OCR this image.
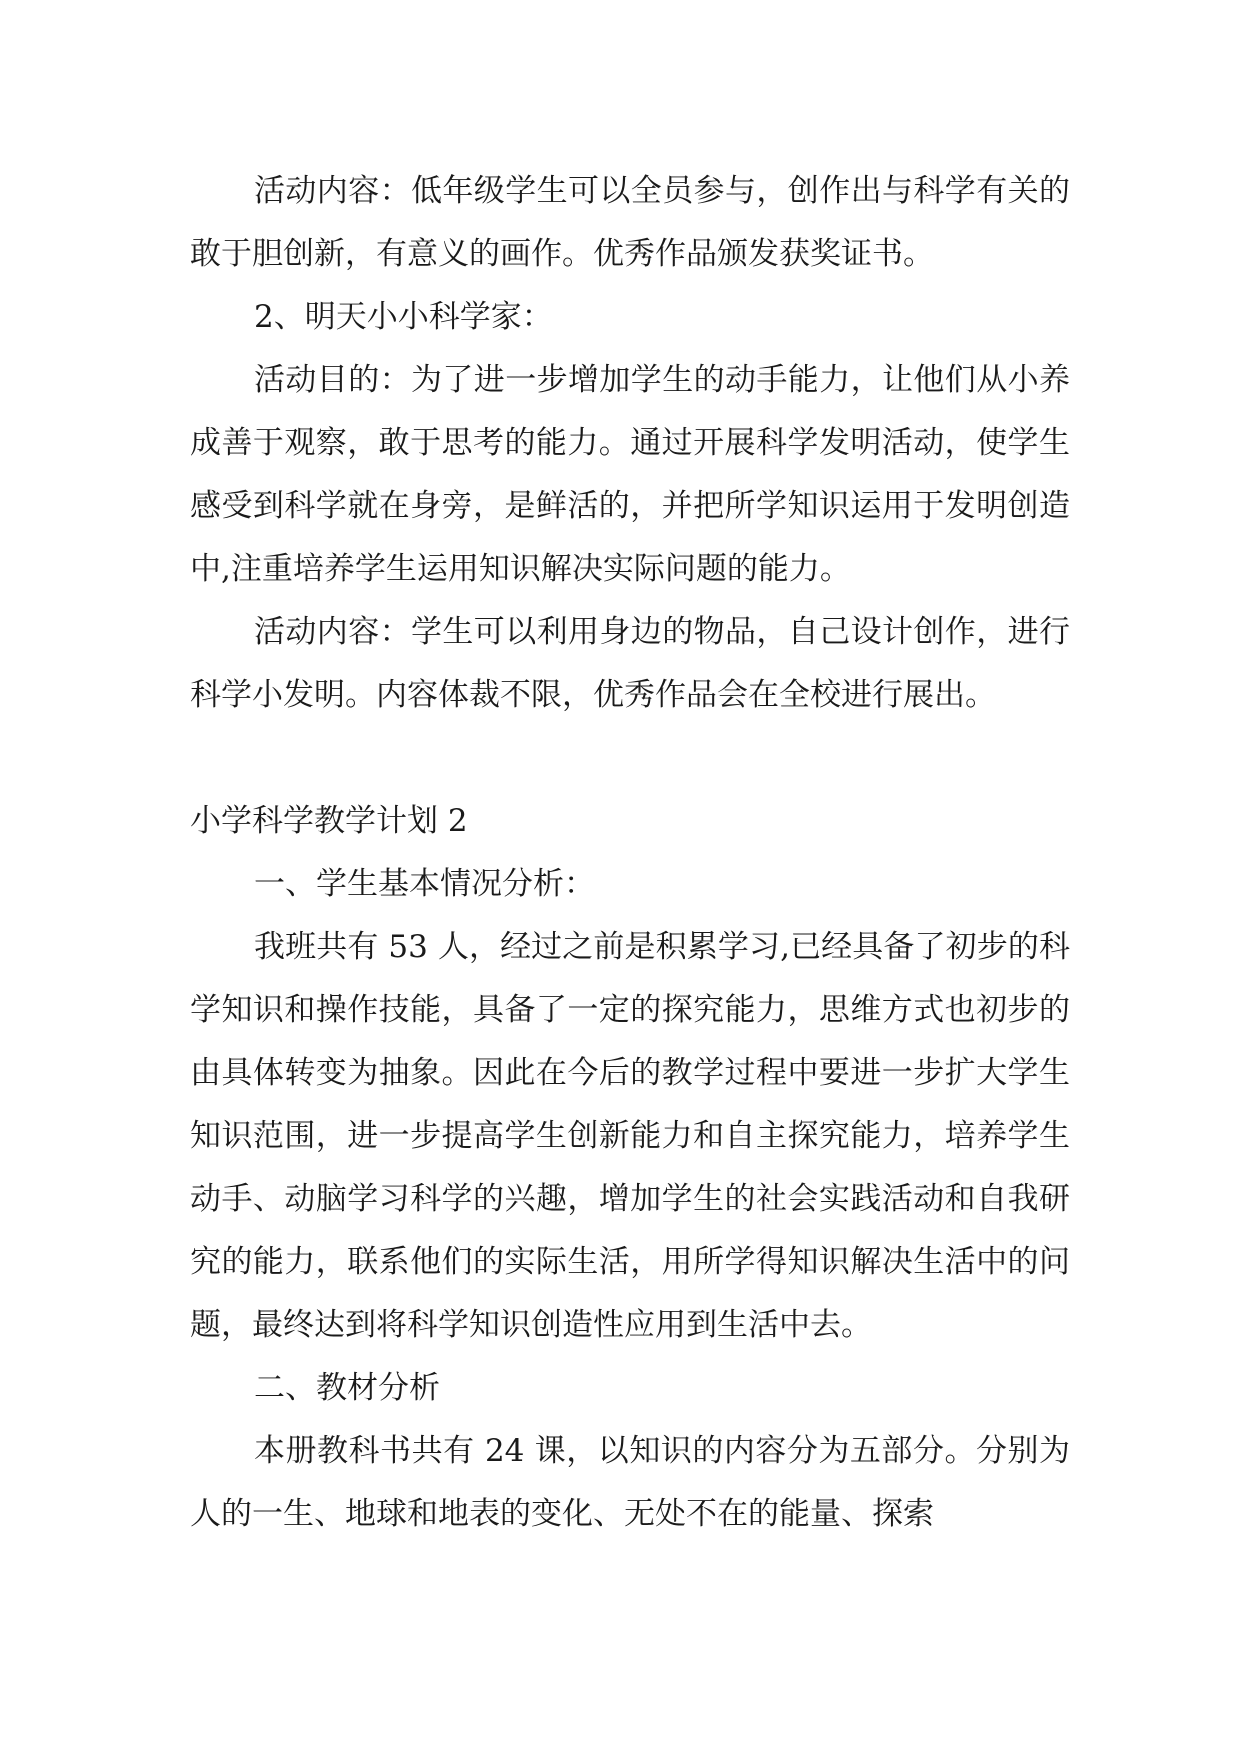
活动内容：低年级学生可以全员参与，创作出与科学有关的敢于胆创新，有意义的画作。优秀作品颁发获奖证书。

2、明天小小科学家：

活动目的：为了进一步增加学生的动手能力，让他们从小养成善于观察，敢于思考的能力。通过开展科学发明活动，使学生感受到科学就在身旁，是鲜活的，并把所学知识运用于发明创造中,注重培养学生运用知识解决实际问题的能力。

活动内容：学生可以利用身边的物品，自己设计创作，进行科学小发明。内容体裁不限，优秀作品会在全校进行展出。

小学科学教学计划 2

一、学生基本情况分析：

我班共有 53 人，经过之前是积累学习,已经具备了初步的科学知识和操作技能，具备了一定的探究能力，思维方式也初步的由具体转变为抽象。因此在今后的教学过程中要进一步扩大学生知识范围，进一步提高学生创新能力和自主探究能力，培养学生动手、动脑学习科学的兴趣，增加学生的社会实践活动和自我研究的能力，联系他们的实际生活，用所学得知识解决生活中的问题，最终达到将科学知识创造性应用到生活中去。

二、教材分析

本册教科书共有 24 课，以知识的内容分为五部分。分别为人的一生、地球和地表的变化、无处不在的能量、探索
